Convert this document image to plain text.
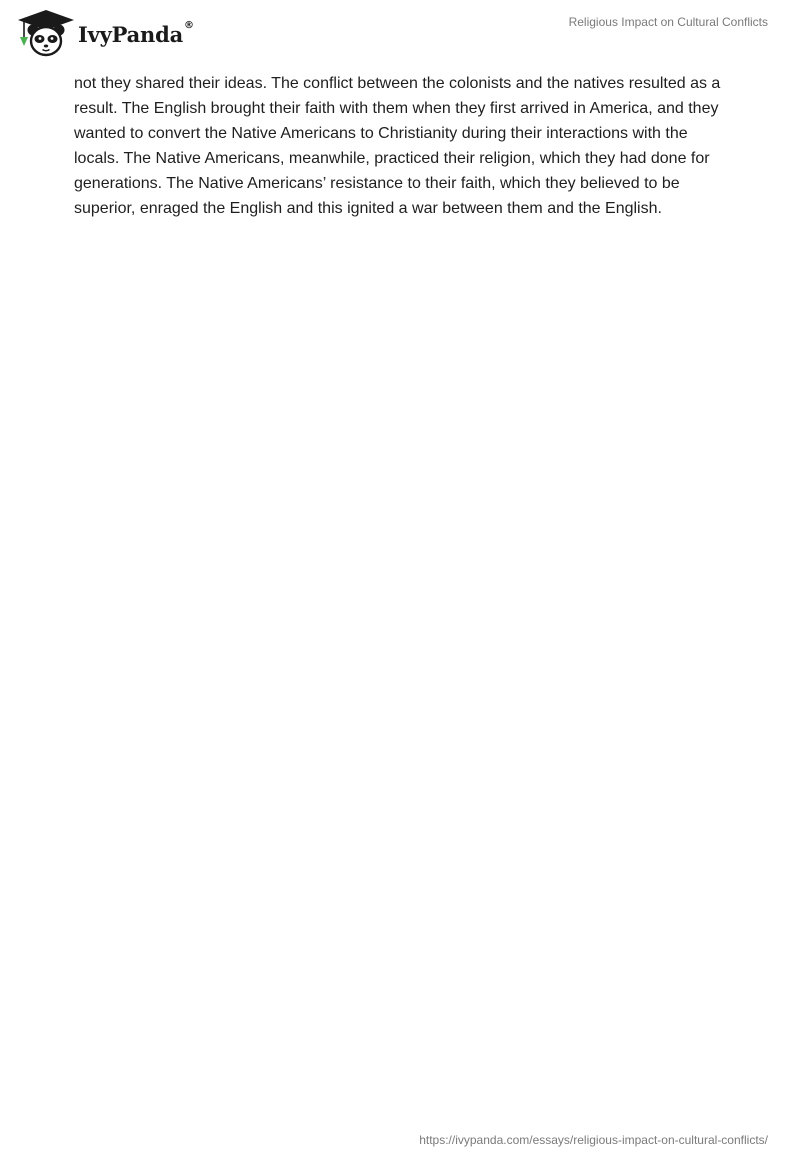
IvyPanda®	Religious Impact on Cultural Conflicts

not they shared their ideas. The conflict between the colonists and the natives resulted as a result. The English brought their faith with them when they first arrived in America, and they wanted to convert the Native Americans to Christianity during their interactions with the locals. The Native Americans, meanwhile, practiced their religion, which they had done for generations. The Native Americans’ resistance to their faith, which they believed to be superior, enraged the English and this ignited a war between them and the English.

https://ivypanda.com/essays/religious-impact-on-cultural-conflicts/
